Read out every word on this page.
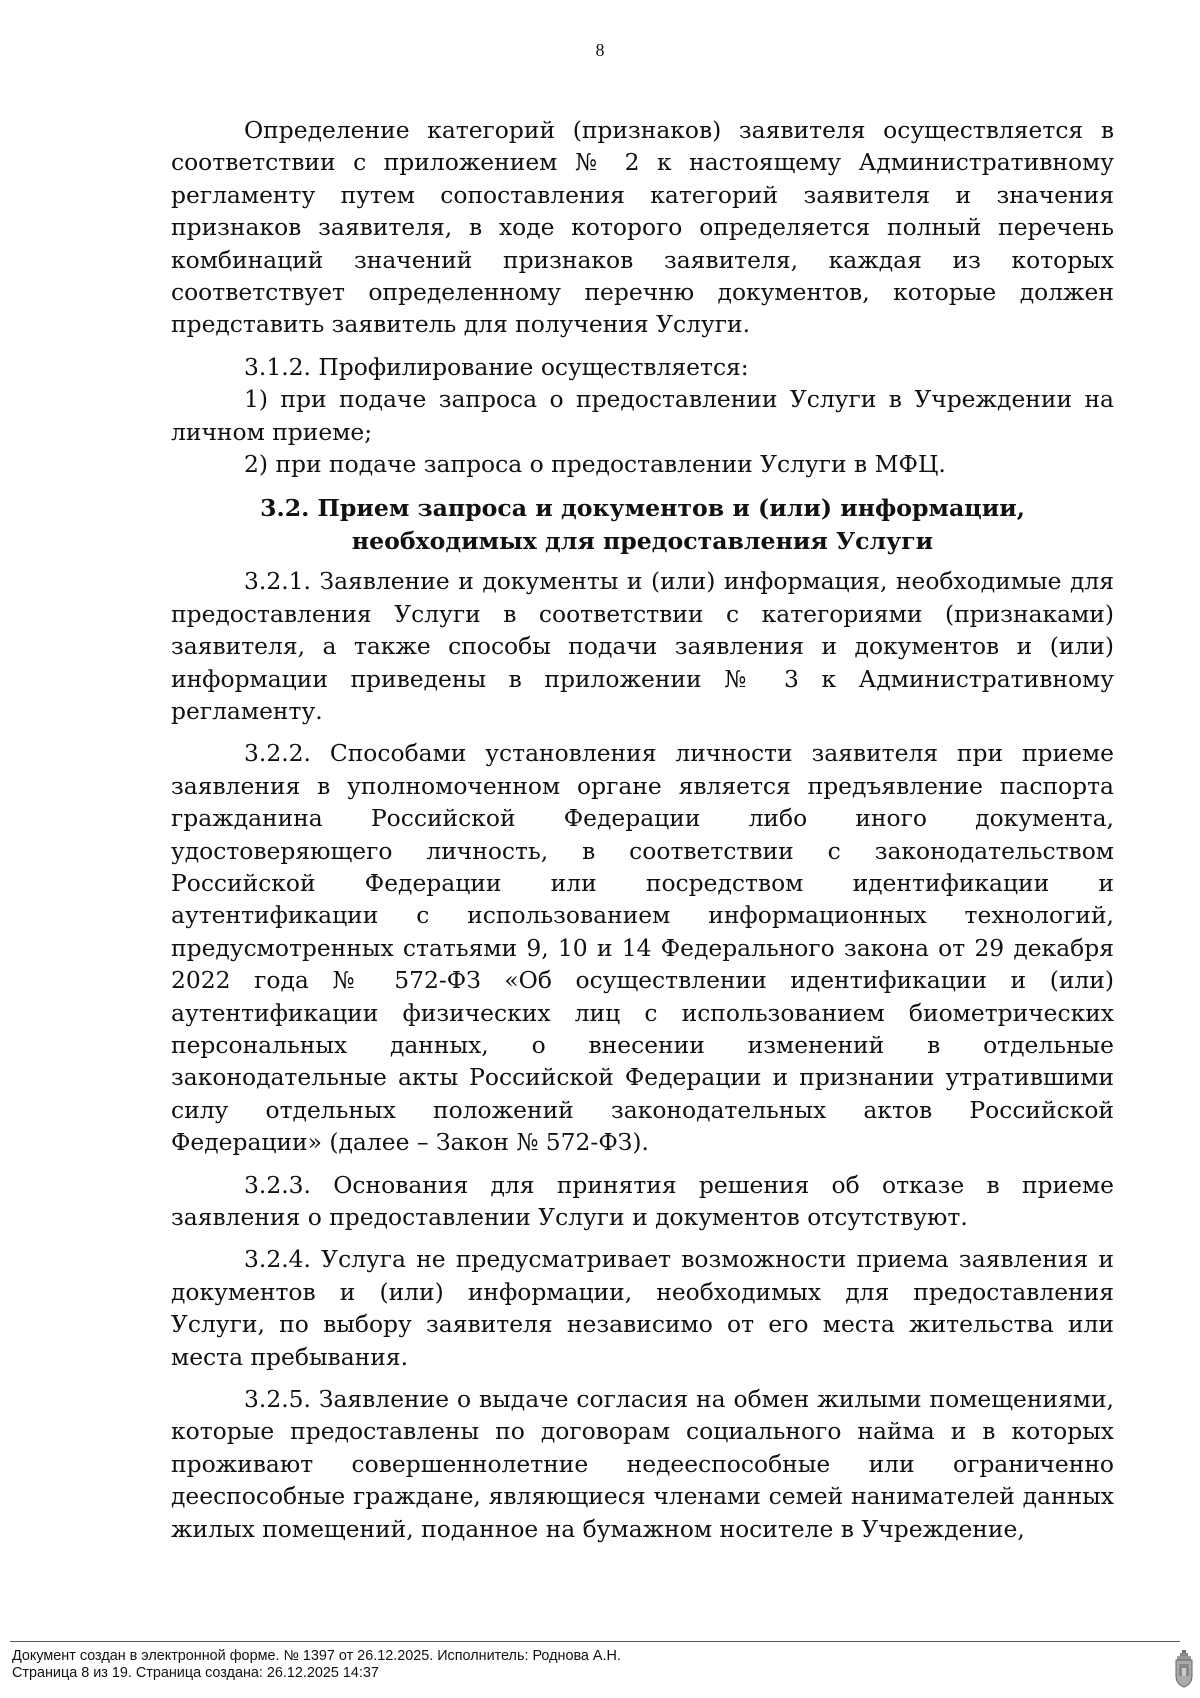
8

Определение категорий (признаков) заявителя осуществляется в соответствии с приложением № 2 к настоящему Административному регламенту путем сопоставления категорий заявителя и значения признаков заявителя, в ходе которого определяется полный перечень комбинаций значений признаков заявителя, каждая из которых соответствует определенному перечню документов, которые должен представить заявитель для получения Услуги.

3.1.2. Профилирование осуществляется:

1) при подаче запроса о предоставлении Услуги в Учреждении на личном приеме;

2) при подаче запроса о предоставлении Услуги в МФЦ.

3.2. Прием запроса и документов и (или) информации, необходимых для предоставления Услуги

3.2.1. Заявление и документы и (или) информация, необходимые для предоставления Услуги в соответствии с категориями (признаками) заявителя, а также способы подачи заявления и документов и (или) информации приведены в приложении № 3 к Административному регламенту.

3.2.2. Способами установления личности заявителя при приеме заявления в уполномоченном органе является предъявление паспорта гражданина Российской Федерации либо иного документа, удостоверяющего личность, в соответствии с законодательством Российской Федерации или посредством идентификации и аутентификации с использованием информационных технологий, предусмотренных статьями 9, 10 и 14 Федерального закона от 29 декабря 2022 года № 572-ФЗ «Об осуществлении идентификации и (или) аутентификации физических лиц с использованием биометрических персональных данных, о внесении изменений в отдельные законодательные акты Российской Федерации и признании утратившими силу отдельных положений законодательных актов Российской Федерации» (далее – Закон № 572-ФЗ).

3.2.3. Основания для принятия решения об отказе в приеме заявления о предоставлении Услуги и документов отсутствуют.

3.2.4. Услуга не предусматривает возможности приема заявления и документов и (или) информации, необходимых для предоставления Услуги, по выбору заявителя независимо от его места жительства или места пребывания.

3.2.5. Заявление о выдаче согласия на обмен жилыми помещениями, которые предоставлены по договорам социального найма и в которых проживают совершеннолетние недееспособные или ограниченно дееспособные граждане, являющиеся членами семей нанимателей данных жилых помещений, поданное на бумажном носителе в Учреждение,

Документ создан в электронной форме. № 1397 от 26.12.2025. Исполнитель: Роднова А.Н.
Страница 8 из 19. Страница создана: 26.12.2025 14:37
